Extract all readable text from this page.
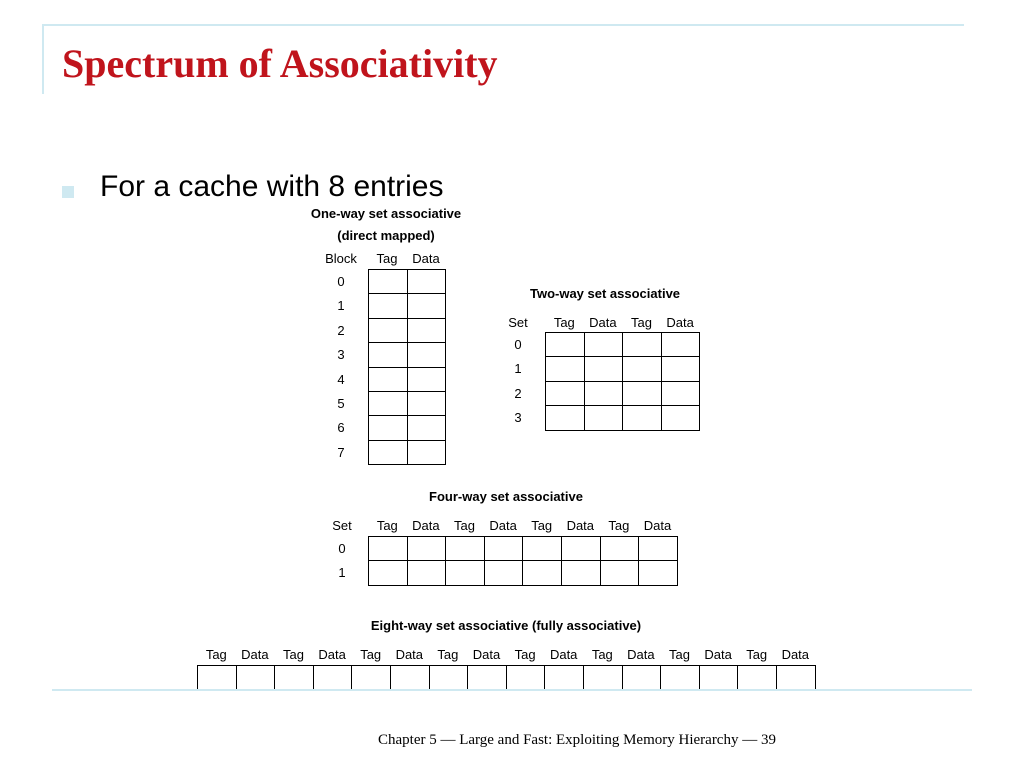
Spectrum of Associativity
For a cache with 8 entries
One-way set associative
(direct mapped)
Block Tag Data
0
1
2
3
4
5
6
7

Two-way set associative
Set Tag Data Tag Data
0
1
2
3

Four-way set associative
Set Tag Data Tag Data Tag Data Tag Data
0
1

Eight-way set associative (fully associative)
Tag Data Tag Data Tag Data Tag Data Tag Data Tag Data Tag Data Tag Data

Chapter 5 — Large and Fast: Exploiting Memory Hierarchy — 39
